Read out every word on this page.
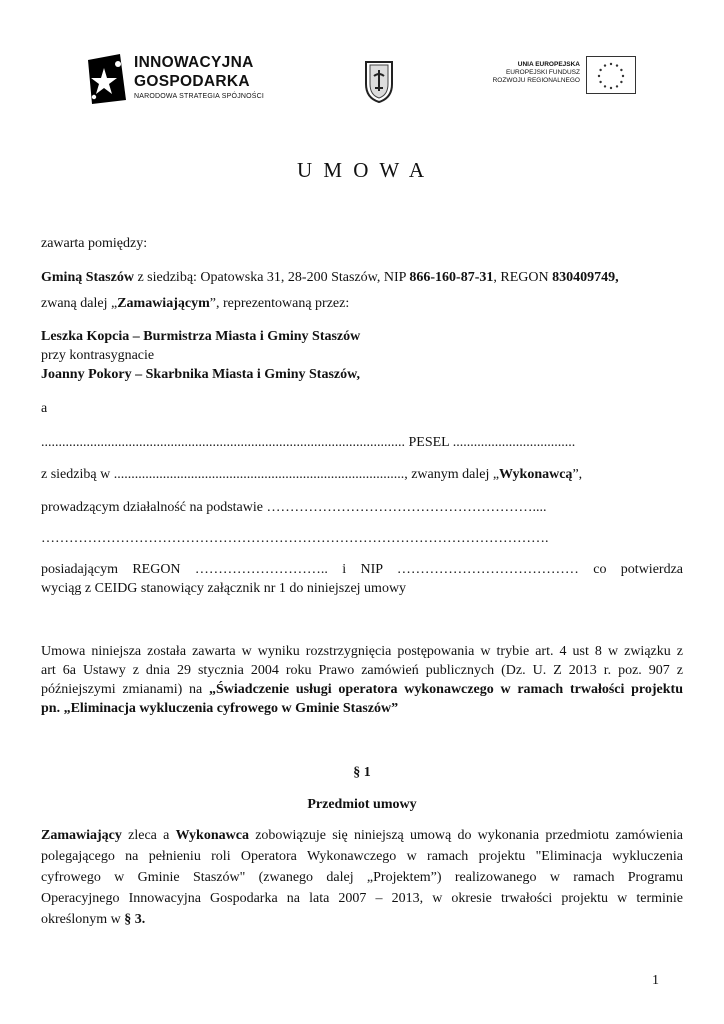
INNOWACYJNA
GOSPODARKA
NARODOWA STRATEGIA SPÓJNOŚCI
UNIA EUROPEJSKA
EUROPEJSKI FUNDUSZ
ROZWOJU REGIONALNEGO
U M O W A
zawarta pomiędzy:
Gminą Staszów z siedzibą: Opatowska 31, 28-200 Staszów, NIP 866-160-87-31, REGON 830409749,
zwaną dalej „Zamawiającym”, reprezentowaną przez:
Leszka Kopcia – Burmistrza Miasta i Gminy Staszów
przy kontrasygnacie
Joanny Pokory – Skarbnika Miasta i Gminy Staszów,
a
........................................................................................................ PESEL ...................................
z siedzibą w ..................................................................................., zwanym dalej „Wykonawcą”,
prowadzącym działalność na podstawie …………………………………………………....
……………………………………………………………………………………………….
posiadającym REGON ……………………….. i NIP ………………………………… co potwierdza
wyciąg z CEIDG stanowiący załącznik nr 1 do niniejszej umowy
Umowa niniejsza została zawarta w wyniku rozstrzygnięcia postępowania w trybie art. 4 ust 8 w związku z
art 6a Ustawy z dnia 29 stycznia 2004 roku Prawo zamówień publicznych (Dz. U. Z 2013 r. poz. 907 z
późniejszymi zmianami) na „Świadczenie usługi operatora wykonawczego w ramach trwałości projektu
pn. „Eliminacja wykluczenia cyfrowego w Gminie Staszów”
§ 1
Przedmiot umowy
Zamawiający zleca a Wykonawca zobowiązuje się niniejszą umową do wykonania przedmiotu zamówienia
polegającego na pełnieniu roli Operatora Wykonawczego w ramach projektu "Eliminacja wykluczenia
cyfrowego w Gminie Staszów" (zwanego dalej „Projektem”) realizowanego w ramach Programu
Operacyjnego Innowacyjna Gospodarka na lata 2007 – 2013, w okresie trwałości projektu w terminie
określonym w § 3.
1
